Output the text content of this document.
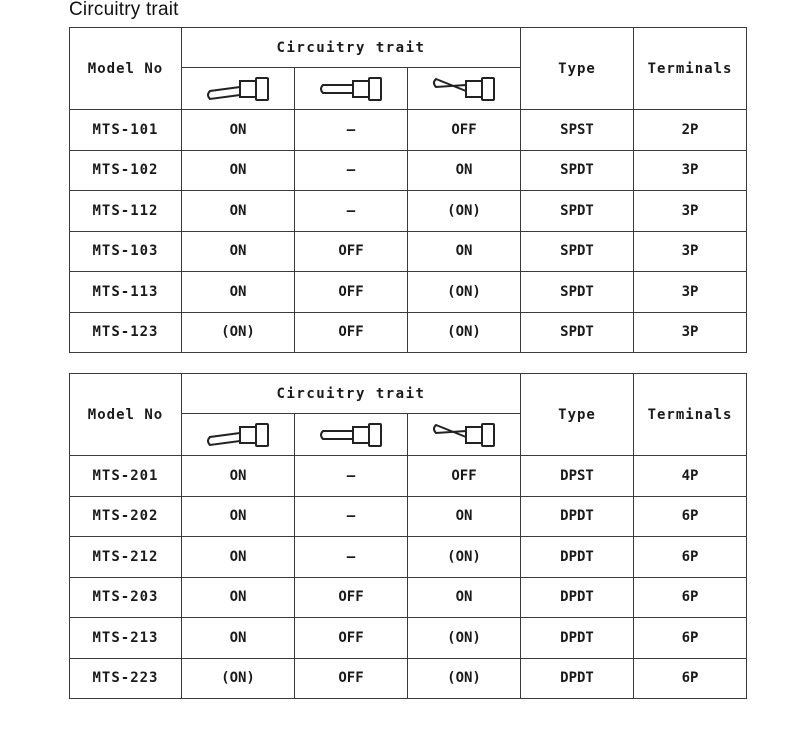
Circuitry trait
Model No	Circuitry trait			Type	Terminals

MTS-101	ON	—	OFF	SPST	2P
MTS-102	ON	—	ON	SPDT	3P
MTS-112	ON	—	(ON)	SPDT	3P
MTS-103	ON	OFF	ON	SPDT	3P
MTS-113	ON	OFF	(ON)	SPDT	3P
MTS-123	(ON)	OFF	(ON)	SPDT	3P
Model No	Circuitry trait			Type	Terminals

MTS-201	ON	—	OFF	DPST	4P
MTS-202	ON	—	ON	DPDT	6P
MTS-212	ON	—	(ON)	DPDT	6P
MTS-203	ON	OFF	ON	DPDT	6P
MTS-213	ON	OFF	(ON)	DPDT	6P
MTS-223	(ON)	OFF	(ON)	DPDT	6P
